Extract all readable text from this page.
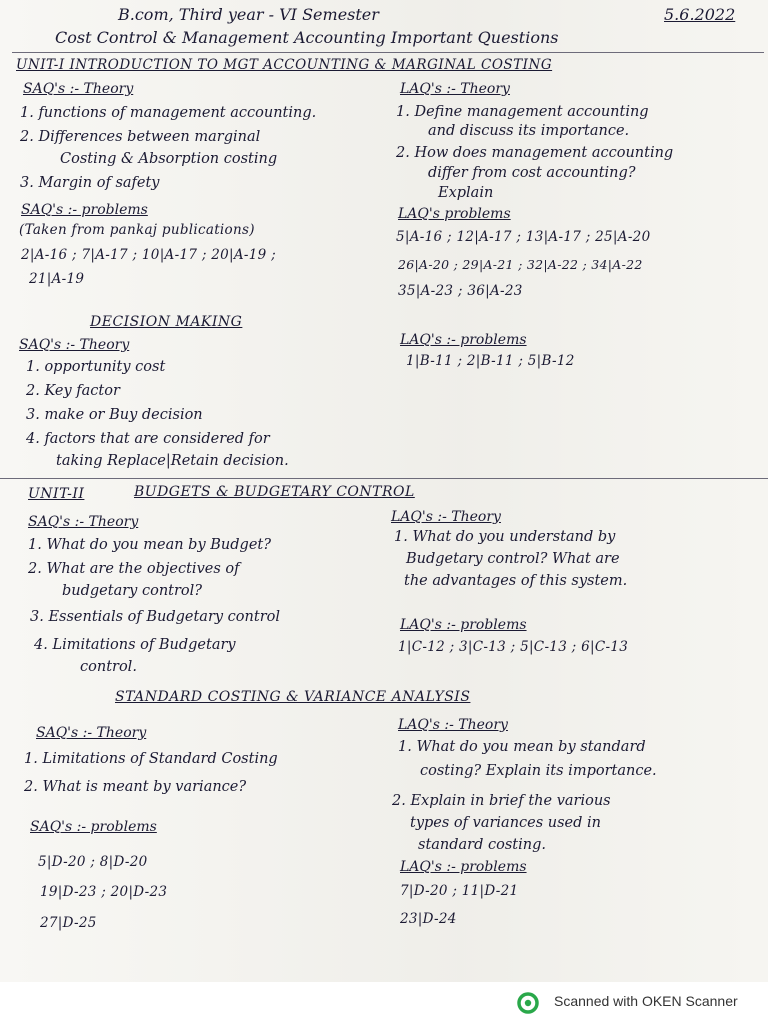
B.com, Third year - VI Semester	5.6.2022
Cost Control & Management Accounting Important Questions
UNIT-I INTRODUCTION TO MGT ACCOUNTING & MARGINAL COSTING
SAQ's :- Theory
1. functions of management accounting.
2. Differences between marginal
Costing & Absorption costing
3. Margin of safety
LAQ's :- Theory
1. Define management accounting
and discuss its importance.
2. How does management accounting
differ from cost accounting?
Explain
SAQ's :- problems
(Taken from pankaj publications)
2|A-16 ; 7|A-17 ; 10|A-17 ; 20|A-19 ;
21|A-19
LAQ's problems
5|A-16 ; 12|A-17 ; 13|A-17 ; 25|A-20
26|A-20 ; 29|A-21 ; 32|A-22 ; 34|A-22
35|A-23 ; 36|A-23
DECISION MAKING
SAQ's :- Theory
1. opportunity cost
2. Key factor
3. make or Buy decision
4. factors that are considered for
taking Replace|Retain decision.
LAQ's :- problems
1|B-11 ; 2|B-11 ; 5|B-12
UNIT-II	BUDGETS & BUDGETARY CONTROL
SAQ's :- Theory
1. What do you mean by Budget?
2. What are the objectives of
budgetary control?
3. Essentials of Budgetary control
4. Limitations of Budgetary
control.
LAQ's :- Theory
1. What do you understand by
Budgetary control? What are
the advantages of this system.
LAQ's :- problems
1|C-12 ; 3|C-13 ; 5|C-13 ; 6|C-13
STANDARD COSTING & VARIANCE ANALYSIS
SAQ's :- Theory
1. Limitations of Standard Costing
2. What is meant by variance?
LAQ's :- Theory
1. What do you mean by standard
costing? Explain its importance.
2. Explain in brief the various
types of variances used in
standard costing.
SAQ's :- problems
5|D-20 ; 8|D-20
19|D-23 ; 20|D-23
27|D-25
LAQ's :- problems
7|D-20 ; 11|D-21
23|D-24
Scanned with OKEN Scanner
